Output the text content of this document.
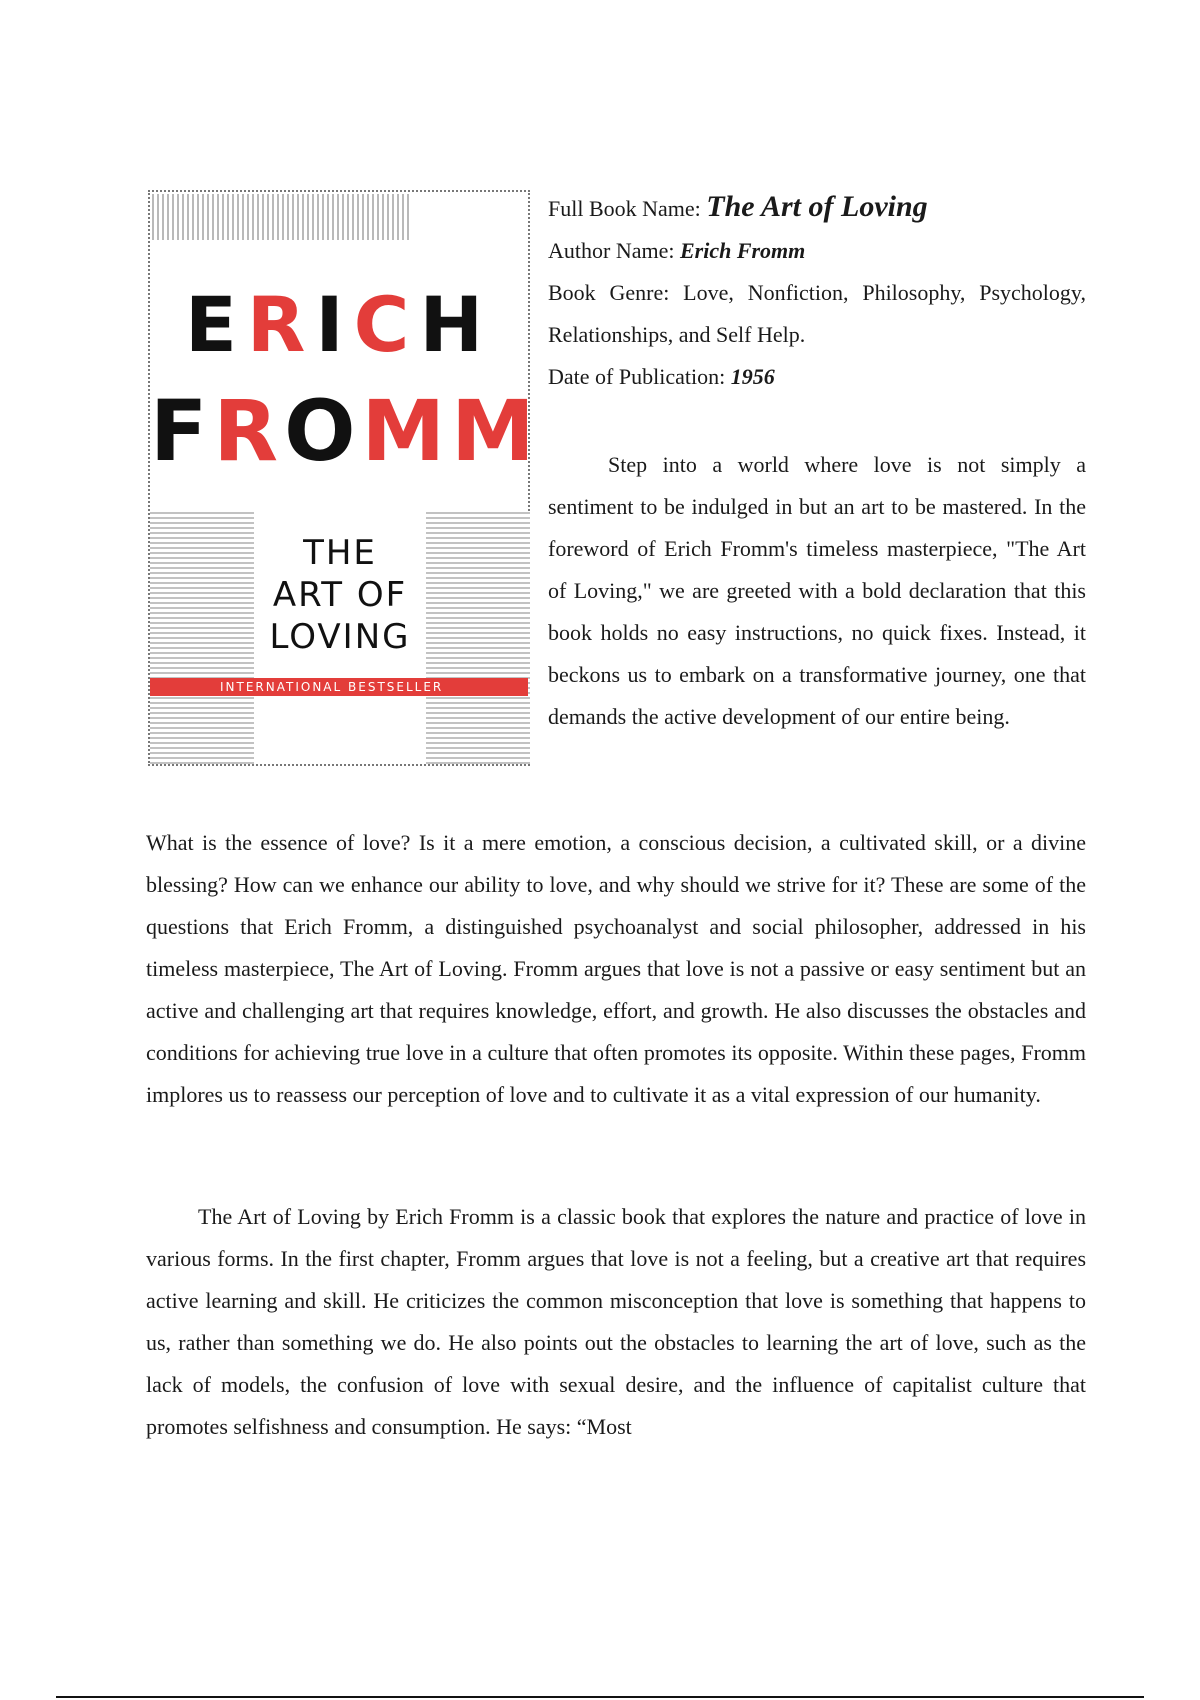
ERICH
FROMM
THE
ART OF
LOVING
INTERNATIONAL BESTSELLER

Full Book Name: The Art of Loving

Author Name: Erich Fromm

Book Genre: Love, Nonfiction, Philosophy, Psychology, Relationships, and Self Help.

Date of Publication: 1956

Step into a world where love is not simply a sentiment to be indulged in but an art to be mastered. In the foreword of Erich Fromm's timeless masterpiece, "The Art of Loving," we are greeted with a bold declaration that this book holds no easy instructions, no quick fixes. Instead, it beckons us to embark on a transformative journey, one that demands the active development of our entire being.

What is the essence of love? Is it a mere emotion, a conscious decision, a cultivated skill, or a divine blessing? How can we enhance our ability to love, and why should we strive for it? These are some of the questions that Erich Fromm, a distinguished psychoanalyst and social philosopher, addressed in his timeless masterpiece, The Art of Loving. Fromm argues that love is not a passive or easy sentiment but an active and challenging art that requires knowledge, effort, and growth. He also discusses the obstacles and conditions for achieving true love in a culture that often promotes its opposite. Within these pages, Fromm implores us to reassess our perception of love and to cultivate it as a vital expression of our humanity.

The Art of Loving by Erich Fromm is a classic book that explores the nature and practice of love in various forms. In the first chapter, Fromm argues that love is not a feeling, but a creative art that requires active learning and skill. He criticizes the common misconception that love is something that happens to us, rather than something we do. He also points out the obstacles to learning the art of love, such as the lack of models, the confusion of love with sexual desire, and the influence of capitalist culture that promotes selfishness and consumption. He says: “Most
